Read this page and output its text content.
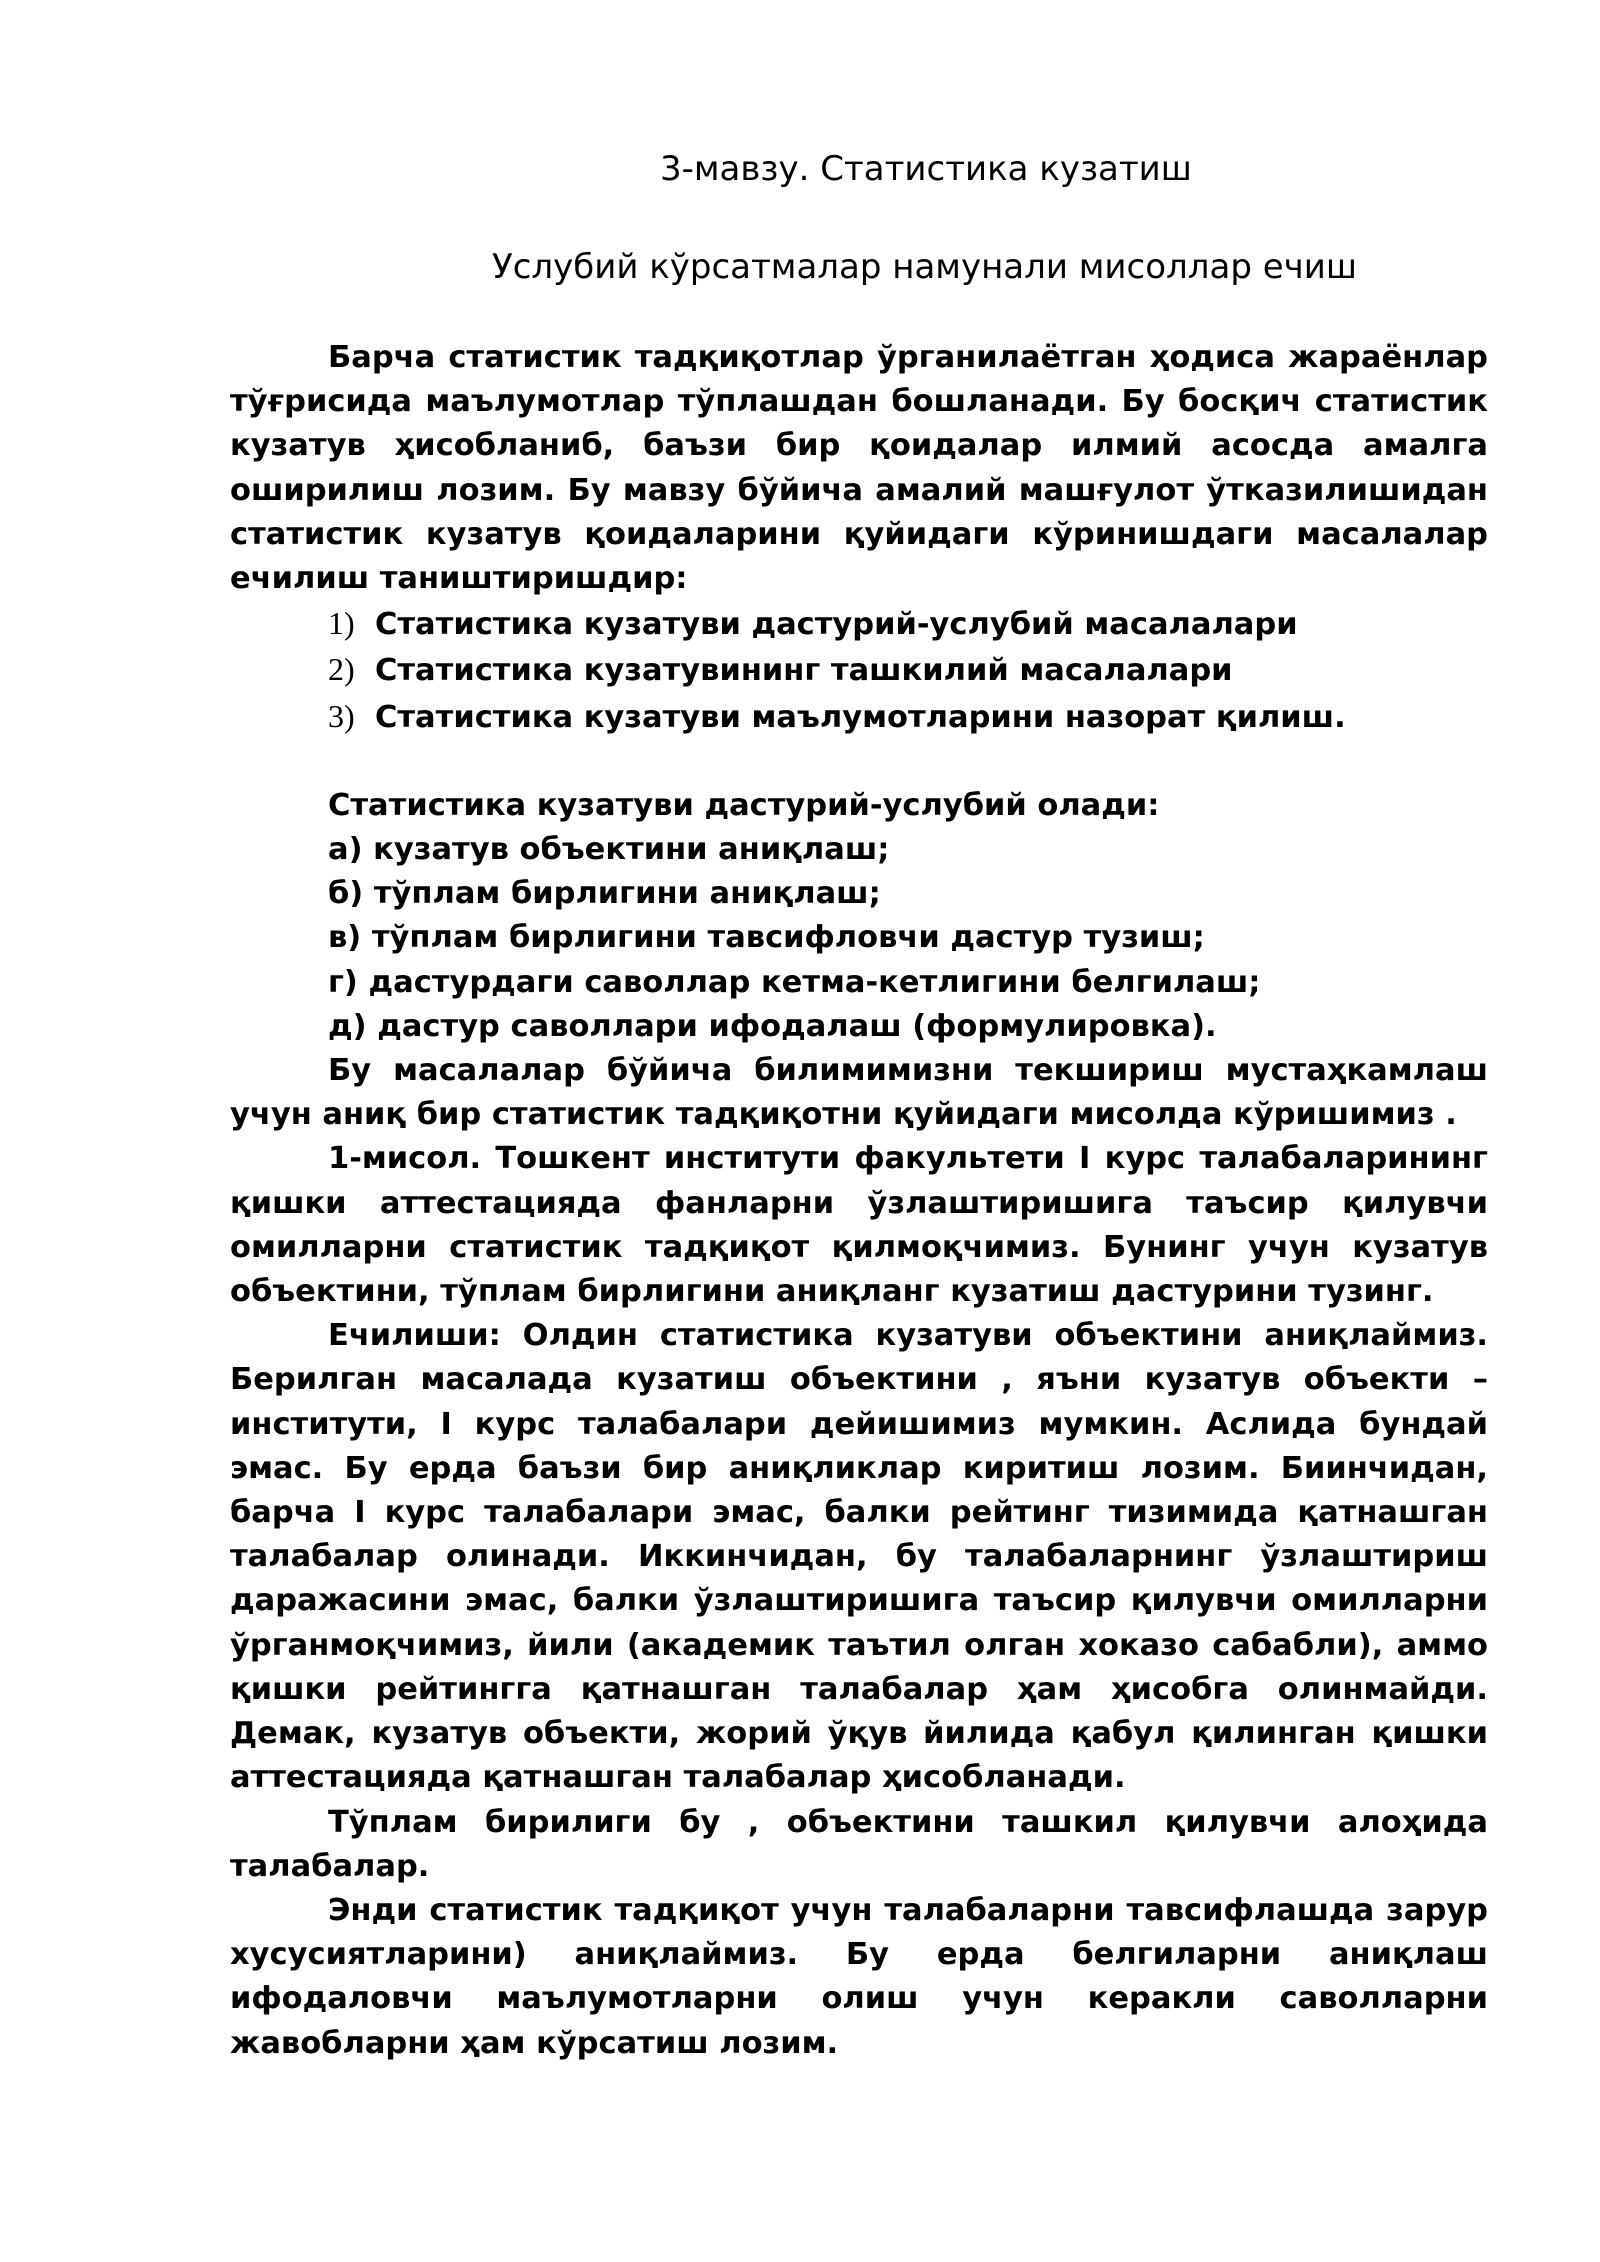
3-мавзу. Статистика кузатиш
Услубий кўрсатмалар намунали мисоллар ечиш

Барча статистик тадқиқотлар ўрганилаётган ҳодиса жараёнлар тўғрисида маълумотлар тўплашдан бошланади. Бу босқич статистик кузатув ҳисобланиб, баъзи бир қоидалар илмий асосда амалга оширилиш лозим. Бу мавзу бўйича амалий машғулот ўтказилишидан статистик кузатув қоидаларини қуйидаги кўринишдаги масалалар ечилиш таништиришдир:

1) Статистика кузатуви дастурий-услубий масалалари
2) Статистика кузатувининг ташкилий масалалари
3) Статистика кузатуви маълумотларини назорат қилиш.

Статистика кузатуви дастурий-услубий олади:

а) кузатув объектини аниқлаш;

б) тўплам бирлигини аниқлаш;

в) тўплам бирлигини тавсифловчи дастур тузиш;

г) дастурдаги саволлар кетма-кетлигини белгилаш;

д) дастур саволлари ифодалаш (формулировка).

Бу масалалар бўйича билимимизни текшириш мустаҳкамлаш учун аниқ бир статистик тадқиқотни қуйидаги мисолда кўришимиз .

1-мисол. Тошкент институти факультети I курс талабаларининг қишки аттестацияда фанларни ўзлаштиришига таъсир қилувчи омилларни статистик тадқиқот қилмоқчимиз. Бунинг учун кузатув объектини, тўплам бирлигини аниқланг кузатиш дастурини тузинг.

Ечилиши: Олдин статистика кузатуви объектини аниқлаймиз. Берилган масалада кузатиш объектини , яъни кузатув объекти – институти, I курс талабалари дейишимиз мумкин. Аслида бундай эмас. Бу ерда баъзи бир аниқликлар киритиш лозим. Биинчидан, барча I курс талабалари эмас, балки рейтинг тизимида қатнашган талабалар олинади. Иккинчидан, бу талабаларнинг ўзлаштириш даражасини эмас, балки ўзлаштиришига таъсир қилувчи омилларни ўрганмоқчимиз, йили (академик таътил олган хоказо сабабли), аммо қишки рейтингга қатнашган талабалар ҳам ҳисобга олинмайди. Демак, кузатув объекти, жорий ўқув йилида қабул қилинган қишки аттестацияда қатнашган талабалар ҳисобланади.

Тўплам бирилиги бу , объектини ташкил қилувчи алоҳида талабалар.

Энди статистик тадқиқот учун талабаларни тавсифлашда зарур хусусиятларини) аниқлаймиз. Бу ерда белгиларни аниқлаш ифодаловчи маълумотларни олиш учун керакли саволларни жавобларни ҳам кўрсатиш лозим.
